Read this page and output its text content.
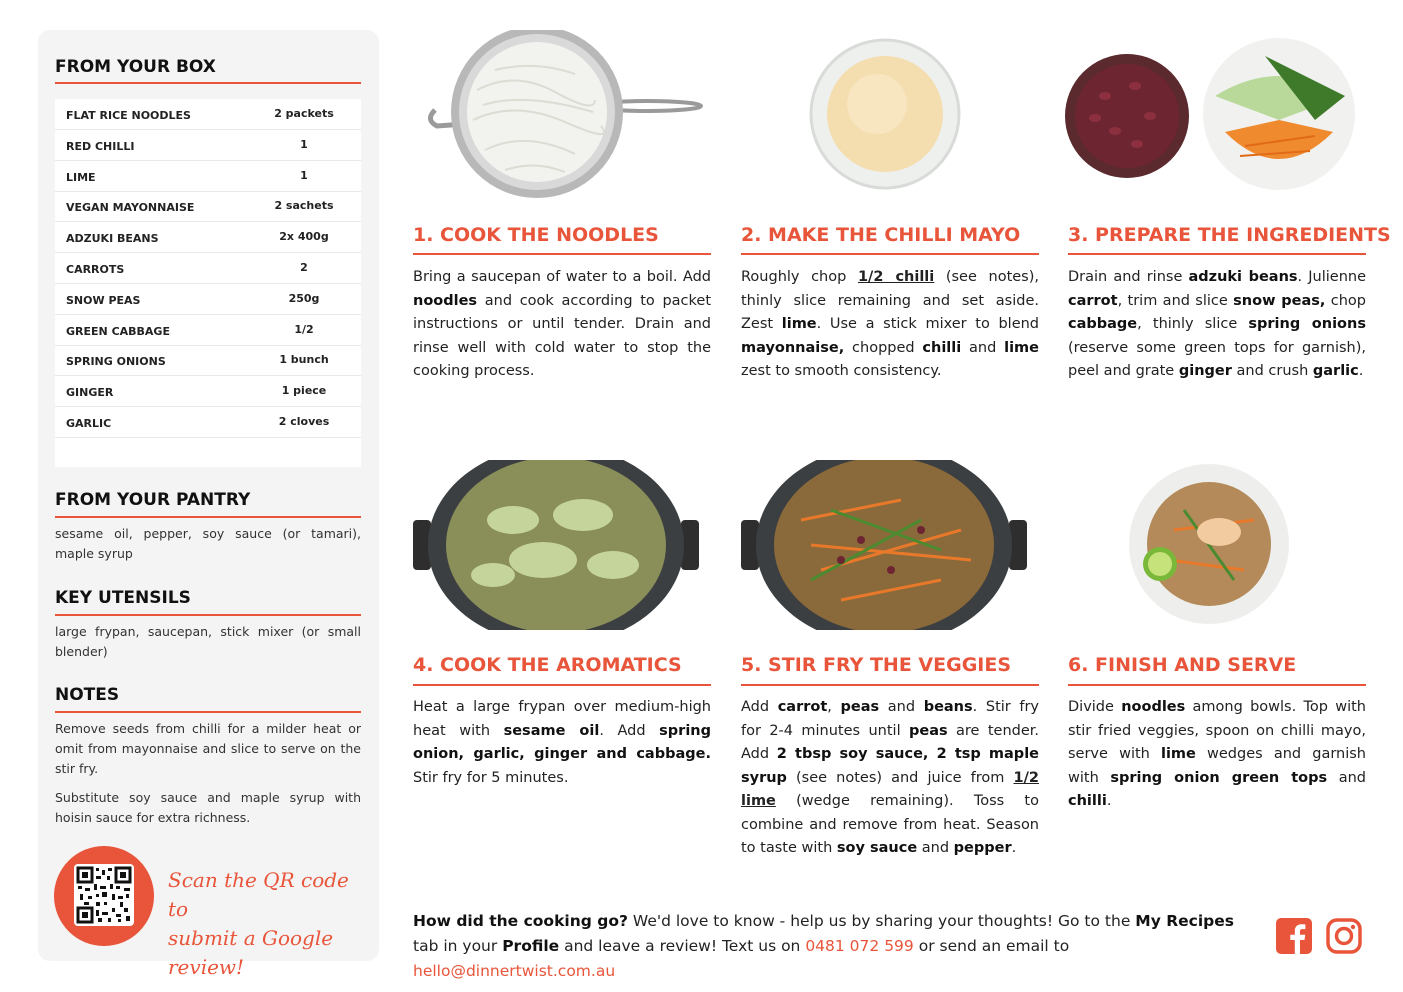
FROM YOUR BOX
FLAT RICE NOODLES	2 packets
RED CHILLI	1
LIME	1
VEGAN MAYONNAISE	2 sachets
ADZUKI BEANS	2x 400g
CARROTS	2
SNOW PEAS	250g
GREEN CABBAGE	1/2
SPRING ONIONS	1 bunch
GINGER	1 piece
GARLIC	2 cloves
FROM YOUR PANTRY
sesame oil, pepper, soy sauce (or tamari), maple syrup
KEY UTENSILS
large frypan, saucepan, stick mixer (or small blender)
NOTES
Remove seeds from chilli for a milder heat or omit from mayonnaise and slice to serve on the stir fry.
Substitute soy sauce and maple syrup with hoisin sauce for extra richness.
Scan the QR code to
submit a Google review!
1. COOK THE NOODLES
Bring a saucepan of water to a boil. Add noodles and cook according to packet instructions or until tender. Drain and rinse well with cold water to stop the cooking process.
2. MAKE THE CHILLI MAYO
Roughly chop 1/2 chilli (see notes), thinly slice remaining and set aside. Zest lime. Use a stick mixer to blend mayonnaise, chopped chilli and lime zest to smooth consistency.
3. PREPARE THE INGREDIENTS
Drain and rinse adzuki beans. Julienne carrot, trim and slice snow peas, chop cabbage, thinly slice spring onions (reserve some green tops for garnish), peel and grate ginger and crush garlic.
4. COOK THE AROMATICS
Heat a large frypan over medium-high heat with sesame oil. Add spring onion, garlic, ginger and cabbage. Stir fry for 5 minutes.
5. STIR FRY THE VEGGIES
Add carrot, peas and beans. Stir fry for 2-4 minutes until peas are tender. Add 2 tbsp soy sauce, 2 tsp maple syrup (see notes) and juice from 1/2 lime (wedge remaining). Toss to combine and remove from heat. Season to taste with soy sauce and pepper.
6. FINISH AND SERVE
Divide noodles among bowls. Top with stir fried veggies, spoon on chilli mayo, serve with lime wedges and garnish with spring onion green tops and chilli.
How did the cooking go? We'd love to know - help us by sharing your thoughts! Go to the My Recipes tab in your Profile and leave a review! Text us on 0481 072 599 or send an email to hello@dinnertwist.com.au
